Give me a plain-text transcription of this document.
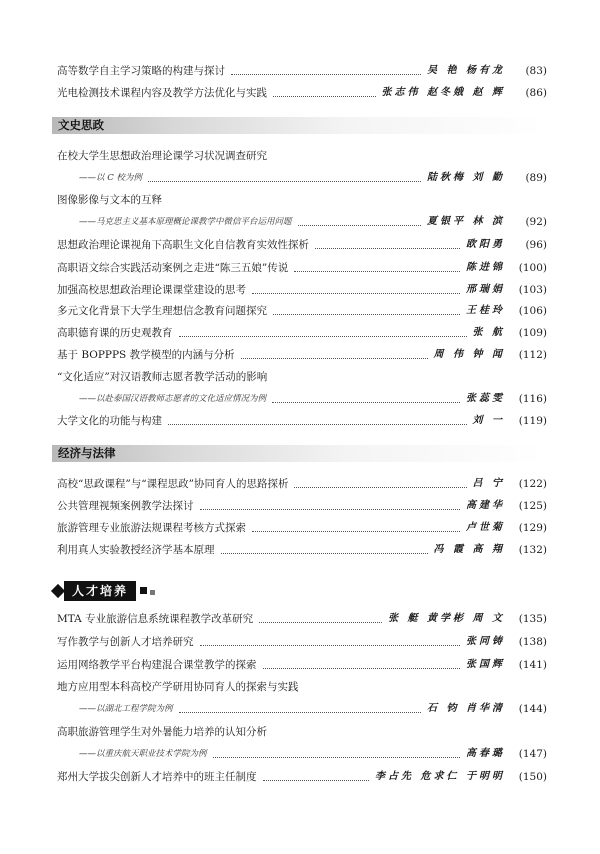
高等数学自主学习策略的构建与探讨	吴 艳 杨有龙	(83)
光电检测技术课程内容及教学方法优化与实践	张志伟 赵冬娥 赵 辉	(86)
文史思政
在校大学生思想政治理论课学习状况调查研究
——以 C 校为例	陆秋梅 刘 勤	(89)
图像影像与文本的互释
——马克思主义基本原理概论课教学中微信平台运用问题	夏银平 林 滨	(92)
思想政治理论课视角下高职生文化自信教育实效性探析	欧阳勇	(96)
高职语文综合实践活动案例之走进“陈三五娘”传说	陈进锦	(100)
加强高校思想政治理论课课堂建设的思考	邢瑞娟	(103)
多元文化背景下大学生理想信念教育问题探究	王桂玲	(106)
高职德育课的历史观教育	张 航	(109)
基于 BOPPPS 教学模型的内涵与分析	周 伟 钟 闻	(112)
“文化适应”对汉语教师志愿者教学活动的影响
——以赴泰国汉语教师志愿者的文化适应情况为例	张蕊雯	(116)
大学文化的功能与构建	刘 一	(119)
经济与法律
高校“思政课程”与“课程思政”协同育人的思路探析	吕 宁	(122)
公共管理视频案例教学法探讨	高建华	(125)
旅游管理专业旅游法规课程考核方式探索	卢世菊	(129)
利用真人实验教授经济学基本原理	冯 霞 高 翔	(132)
人才培养
MTA 专业旅游信息系统课程教学改革研究	张 艇 黄学彬 周 文	(135)
写作教学与创新人才培养研究	张同铸	(138)
运用网络教学平台构建混合课堂教学的探索	张国辉	(141)
地方应用型本科高校产学研用协同育人的探索与实践
——以湖北工程学院为例	石 钧 肖华清	(144)
高职旅游管理学生对外暑能力培养的认知分析
——以重庆航天职业技术学院为例	高春璐	(147)
郑州大学拔尖创新人才培养中的班主任制度	李占先 危求仁 于明明	(150)
